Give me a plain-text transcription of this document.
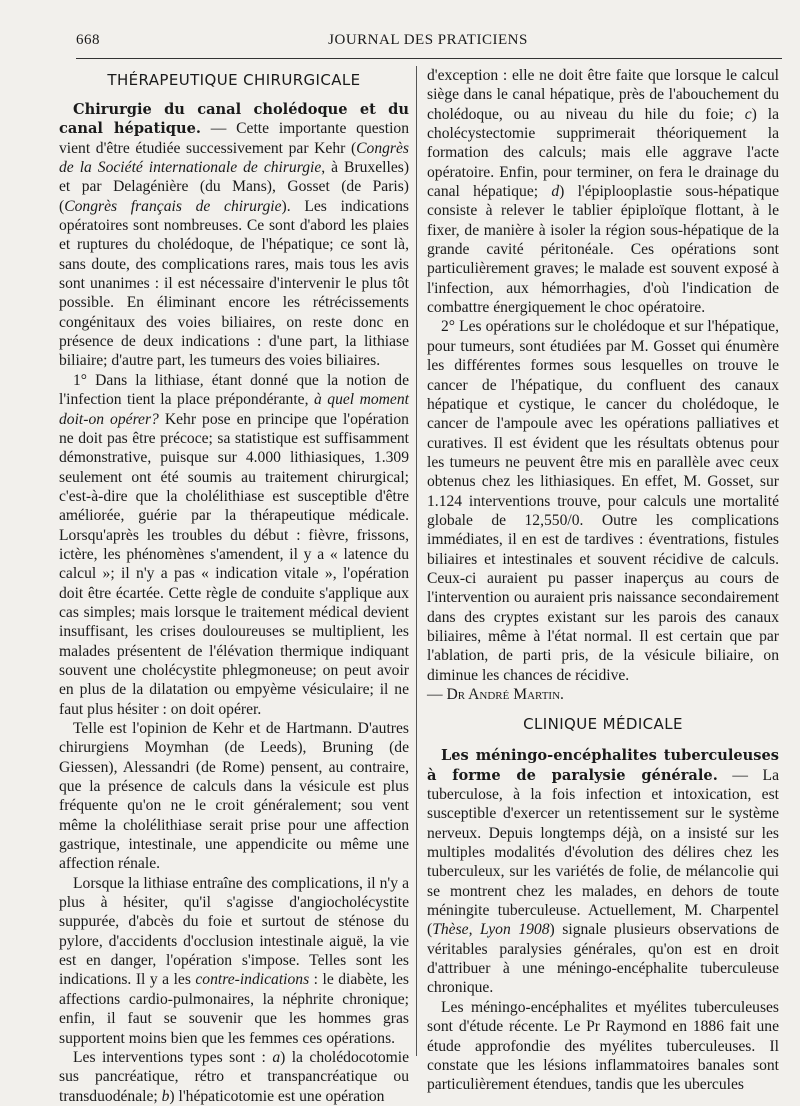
668	JOURNAL DES PRATICIENS
THÉRAPEUTIQUE CHIRURGICALE

Chirurgie du canal cholédoque et du canal hépatique. — Cette importante question vient d'être étudiée successivement par Kehr (Congrès de la Société internationale de chirurgie, à Bruxelles) et par Delagénière (du Mans), Gosset (de Paris) (Congrès français de chirurgie). Les indications opératoires sont nombreuses. Ce sont d'abord les plaies et ruptures du cholédoque, de l'hépatique; ce sont là, sans doute, des complications rares, mais tous les avis sont unanimes : il est nécessaire d'intervenir le plus tôt possible. En éliminant encore les rétrécissements congénitaux des voies biliaires, on reste donc en présence de deux indications : d'une part, la lithiase biliaire; d'autre part, les tumeurs des voies biliaires.

1° Dans la lithiase, étant donné que la notion de l'infection tient la place prépondérante, à quel moment doit-on opérer? Kehr pose en principe que l'opération ne doit pas être précoce; sa statistique est suffisamment démonstrative, puisque sur 4.000 lithiasiques, 1.309 seulement ont été soumis au traitement chirurgical; c'est-à-dire que la cholélithiase est susceptible d'être améliorée, guérie par la thérapeutique médicale. Lorsqu'après les troubles du début : fièvre, frissons, ictère, les phénomènes s'amendent, il y a « latence du calcul »; il n'y a pas « indication vitale », l'opération doit être écartée. Cette règle de conduite s'applique aux cas simples; mais lorsque le traitement médical devient insuffisant, les crises douloureuses se multiplient, les malades présentent de l'élévation thermique indiquant souvent une cholécystite phlegmoneuse; on peut avoir en plus de la dilatation ou empyème vésiculaire; il ne faut plus hésiter : on doit opérer.

Telle est l'opinion de Kehr et de Hartmann. D'autres chirurgiens Moymhan (de Leeds), Bruning (de Giessen), Alessandri (de Rome) pensent, au contraire, que la présence de calculs dans la vésicule est plus fréquente qu'on ne le croit généralement; sou vent même la cholélithiase serait prise pour une affection gastrique, intestinale, une appendicite ou même une affection rénale.

Lorsque la lithiase entraîne des complications, il n'y a plus à hésiter, qu'il s'agisse d'angiocholécystite suppurée, d'abcès du foie et surtout de sténose du pylore, d'accidents d'occlusion intestinale aiguë, la vie est en danger, l'opération s'impose. Telles sont les indications. Il y a les contre-indications : le diabète, les affections cardio-pulmonaires, la néphrite chronique; enfin, il faut se souvenir que les hommes gras supportent moins bien que les femmes ces opérations.

Les interventions types sont : a) la cholédocotomie sus pancréatique, rétro et transpancréatique ou transduodénale; b) l'hépaticotomie est une opération

d'exception : elle ne doit être faite que lorsque le calcul siège dans le canal hépatique, près de l'abouchement du cholédoque, ou au niveau du hile du foie; c) la cholécystectomie supprimerait théoriquement la formation des calculs; mais elle aggrave l'acte opératoire. Enfin, pour terminer, on fera le drainage du canal hépatique; d) l'épiplooplastie sous-hépatique consiste à relever le tablier épiploïque flottant, à le fixer, de manière à isoler la région sous-hépatique de la grande cavité péritonéale. Ces opérations sont particulièrement graves; le malade est souvent exposé à l'infection, aux hémorrhagies, d'où l'indication de combattre énergiquement le choc opératoire.

2° Les opérations sur le cholédoque et sur l'hépatique, pour tumeurs, sont étudiées par M. Gosset qui énumère les différentes formes sous lesquelles on trouve le cancer de l'hépatique, du confluent des canaux hépatique et cystique, le cancer du cholédoque, le cancer de l'ampoule avec les opérations palliatives et curatives. Il est évident que les résultats obtenus pour les tumeurs ne peuvent être mis en parallèle avec ceux obtenus chez les lithiasiques. En effet, M. Gosset, sur 1.124 interventions trouve, pour calculs une mortalité globale de 12,550/0. Outre les complications immédiates, il en est de tardives : éventrations, fistules biliaires et intestinales et souvent récidive de calculs. Ceux-ci auraient pu passer inaperçus au cours de l'intervention ou auraient pris naissance secondairement dans des cryptes existant sur les parois des canaux biliaires, même à l'état normal. Il est certain que par l'ablation, de parti pris, de la vésicule biliaire, on diminue les chances de récidive.

— Dr André Martin.

CLINIQUE MÉDICALE

Les méningo-encéphalites tuberculeuses à forme de paralysie générale. — La tuberculose, à la fois infection et intoxication, est susceptible d'exercer un retentissement sur le système nerveux. Depuis longtemps déjà, on a insisté sur les multiples modalités d'évolution des délires chez les tuberculeux, sur les variétés de folie, de mélancolie qui se montrent chez les malades, en dehors de toute méningite tuberculeuse. Actuellement, M. Charpentel (Thèse, Lyon 1908) signale plusieurs observations de véritables paralysies générales, qu'on est en droit d'attribuer à une méningo-encéphalite tuberculeuse chronique.

Les méningo-encéphalites et myélites tuberculeuses sont d'étude récente. Le Pr Raymond en 1886 fait une étude approfondie des myélites tuberculeuses. Il constate que les lésions inflammatoires banales sont particulièrement étendues, tandis que les ubercules
